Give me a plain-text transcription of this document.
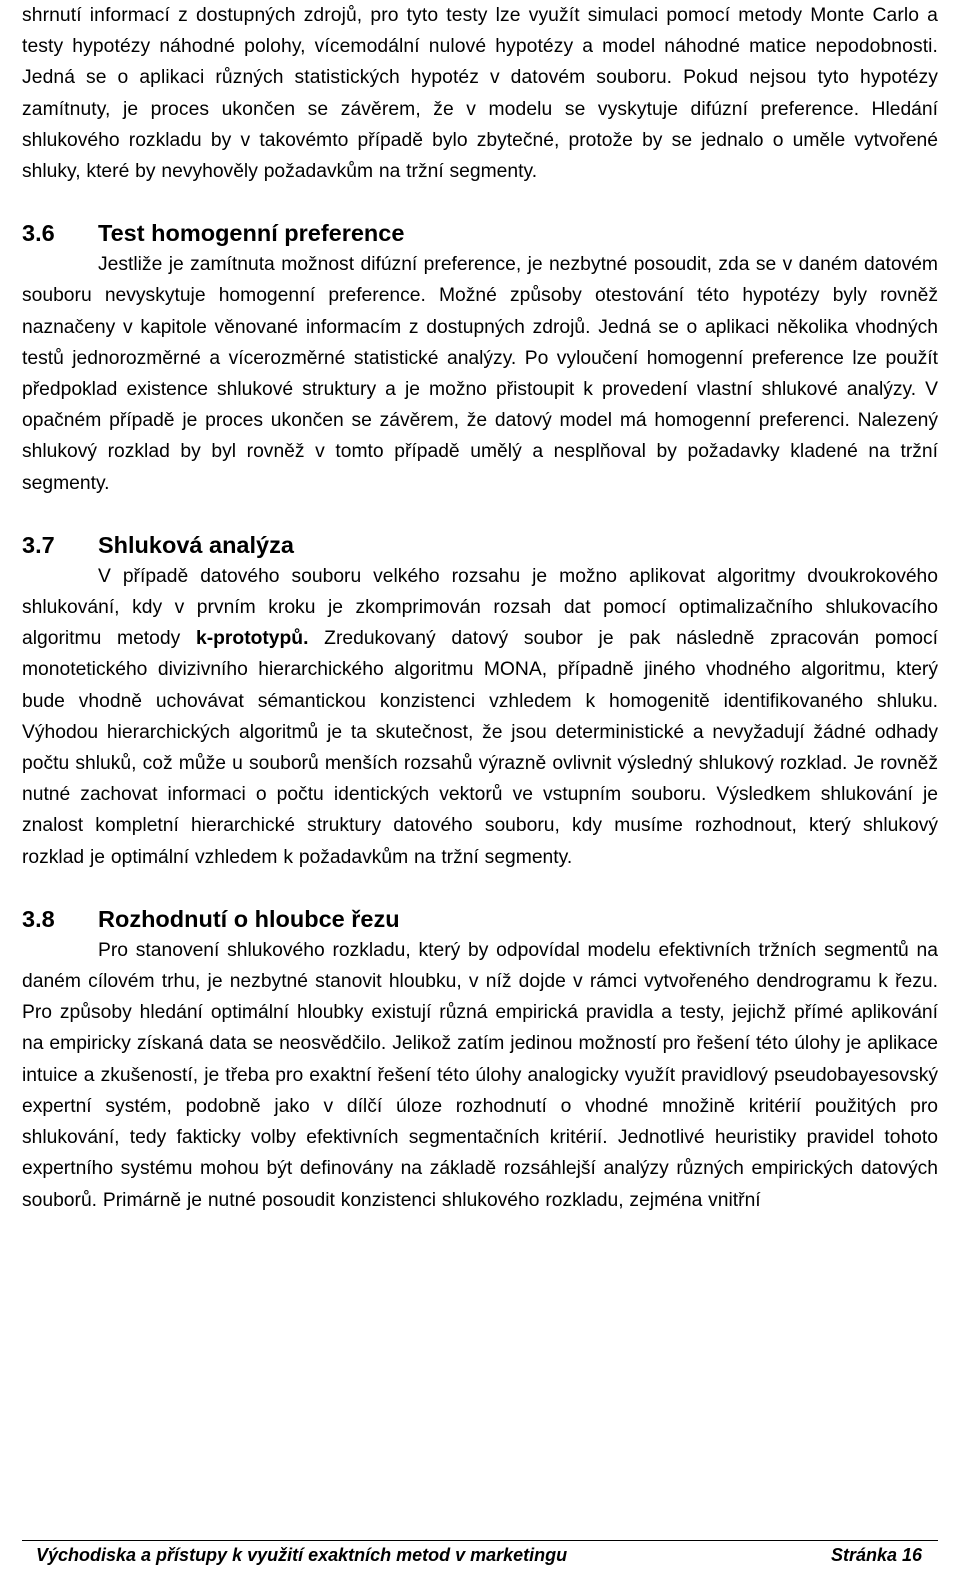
shrnutí informací z dostupných zdrojů, pro tyto testy lze využít simulaci pomocí metody Monte Carlo a testy hypotézy náhodné polohy, vícemodální nulové hypotézy a model náhodné matice nepodobnosti. Jedná se o aplikaci různých statistických hypotéz v datovém souboru. Pokud nejsou tyto hypotézy zamítnuty, je proces ukončen se závěrem, že v modelu se vyskytuje difúzní preference. Hledání shlukového rozkladu by v takovémto případě bylo zbytečné, protože by se jednalo o uměle vytvořené shluky, které by nevyhověly požadavkům na tržní segmenty.

3.6	Test homogenní preference

Jestliže je zamítnuta možnost difúzní preference, je nezbytné posoudit, zda se v daném datovém souboru nevyskytuje homogenní preference. Možné způsoby otestování této hypotézy byly rovněž naznačeny v kapitole věnované informacím z dostupných zdrojů. Jedná se o aplikaci několika vhodných testů jednorozměrné a vícerozměrné statistické analýzy. Po vyloučení homogenní preference lze použít předpoklad existence shlukové struktury a je možno přistoupit k provedení vlastní shlukové analýzy. V opačném případě je proces ukončen se závěrem, že datový model má homogenní preferenci. Nalezený shlukový rozklad by byl rovněž v tomto případě umělý a nesplňoval by požadavky kladené na tržní segmenty.

3.7	Shluková analýza

V případě datového souboru velkého rozsahu je možno aplikovat algoritmy dvoukrokového shlukování, kdy v prvním kroku je zkomprimován rozsah dat pomocí optimalizačního shlukovacího algoritmu metody k-prototypů. Zredukovaný datový soubor je pak následně zpracován pomocí monotetického divizivního hierarchického algoritmu MONA, případně jiného vhodného algoritmu, který bude vhodně uchovávat sémantickou konzistenci vzhledem k homogenitě identifikovaného shluku. Výhodou hierarchických algoritmů je ta skutečnost, že jsou deterministické a nevyžadují žádné odhady počtu shluků, což může u souborů menších rozsahů výrazně ovlivnit výsledný shlukový rozklad. Je rovněž nutné zachovat informaci o počtu identických vektorů ve vstupním souboru. Výsledkem shlukování je znalost kompletní hierarchické struktury datového souboru, kdy musíme rozhodnout, který shlukový rozklad je optimální vzhledem k požadavkům na tržní segmenty.

3.8	Rozhodnutí o hloubce řezu

Pro stanovení shlukového rozkladu, který by odpovídal modelu efektivních tržních segmentů na daném cílovém trhu, je nezbytné stanovit hloubku, v níž dojde v rámci vytvořeného dendrogramu k řezu. Pro způsoby hledání optimální hloubky existují různá empirická pravidla a testy, jejichž přímé aplikování na empiricky získaná data se neosvědčilo. Jelikož zatím jedinou možností pro řešení této úlohy je aplikace intuice a zkušeností, je třeba pro exaktní řešení této úlohy analogicky využít pravidlový pseudobayesovský expertní systém, podobně jako v dílčí úloze rozhodnutí o vhodné množině kritérií použitých pro shlukování, tedy fakticky volby efektivních segmentačních kritérií. Jednotlivé heuristiky pravidel tohoto expertního systému mohou být definovány na základě rozsáhlejší analýzy různých empirických datových souborů. Primárně je nutné posoudit konzistenci shlukového rozkladu, zejména vnitřní

Východiska a přístupy k využití exaktních metod v marketingu	Stránka 16
